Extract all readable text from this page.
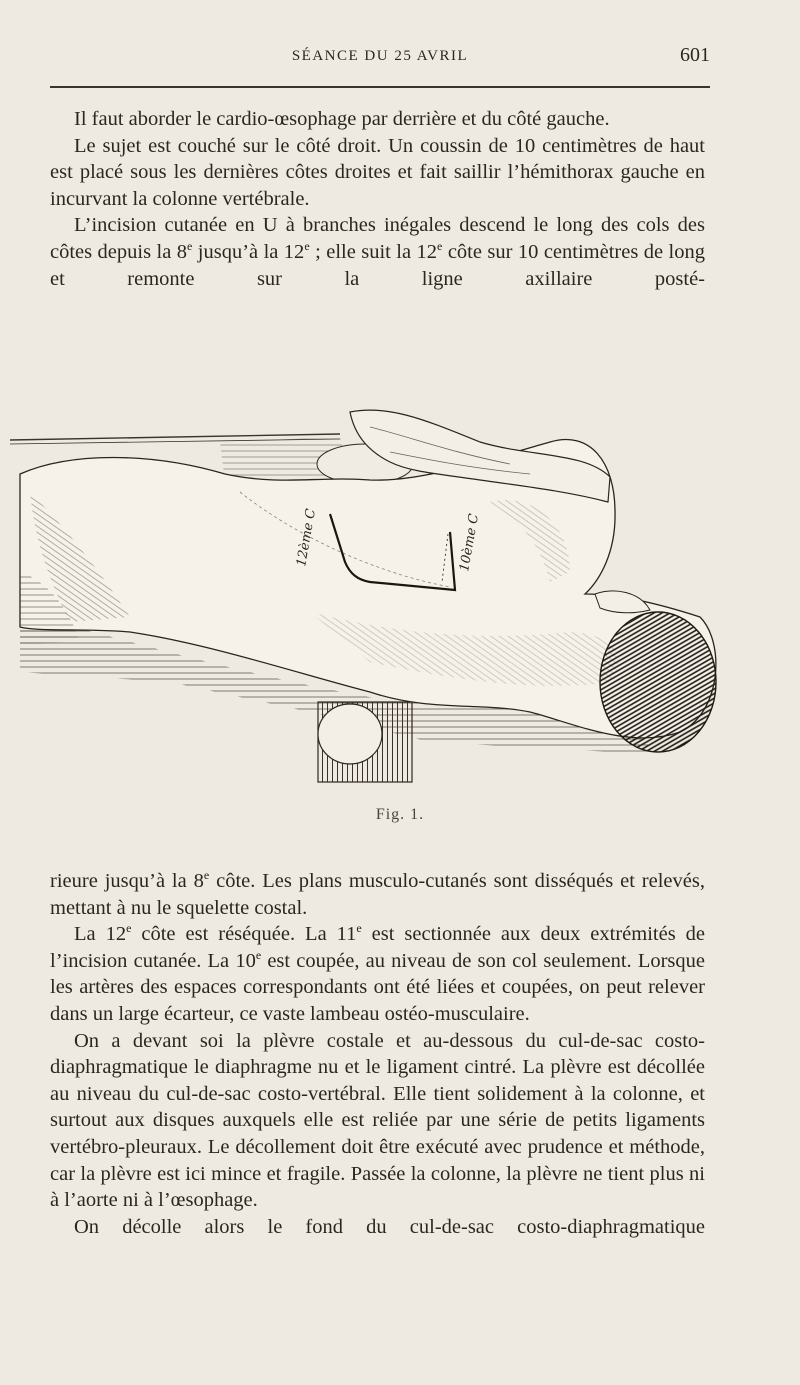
SÉANCE DU 25 AVRIL	601

Il faut aborder le cardio-œsophage par derrière et du côté gauche.

Le sujet est couché sur le côté droit. Un coussin de 10 centimètres de haut est placé sous les dernières côtes droites et fait saillir l’hémithorax gauche en incurvant la colonne vertébrale.

L’incision cutanée en U à branches inégales descend le long des cols des côtes depuis la 8e jusqu’à la 12e ; elle suit la 12e côte sur 10 centimètres de long et remonte sur la ligne axillaire posté-

12ème C	10ème C
Fig. 1.

rieure jusqu’à la 8e côte. Les plans musculo-cutanés sont disséqués et relevés, mettant à nu le squelette costal.

La 12e côte est réséquée. La 11e est sectionnée aux deux extrémités de l’incision cutanée. La 10e est coupée, au niveau de son col seulement. Lorsque les artères des espaces correspondants ont été liées et coupées, on peut relever dans un large écarteur, ce vaste lambeau ostéo-musculaire.

On a devant soi la plèvre costale et au-dessous du cul-de-sac costo-diaphragmatique le diaphragme nu et le ligament cintré. La plèvre est décollée au niveau du cul-de-sac costo-vertébral. Elle tient solidement à la colonne, et surtout aux disques auxquels elle est reliée par une série de petits ligaments vertébro-pleuraux. Le décollement doit être exécuté avec prudence et méthode, car la plèvre est ici mince et fragile. Passée la colonne, la plèvre ne tient plus ni à l’aorte ni à l’œsophage.

On décolle alors le fond du cul-de-sac costo-diaphragmatique
